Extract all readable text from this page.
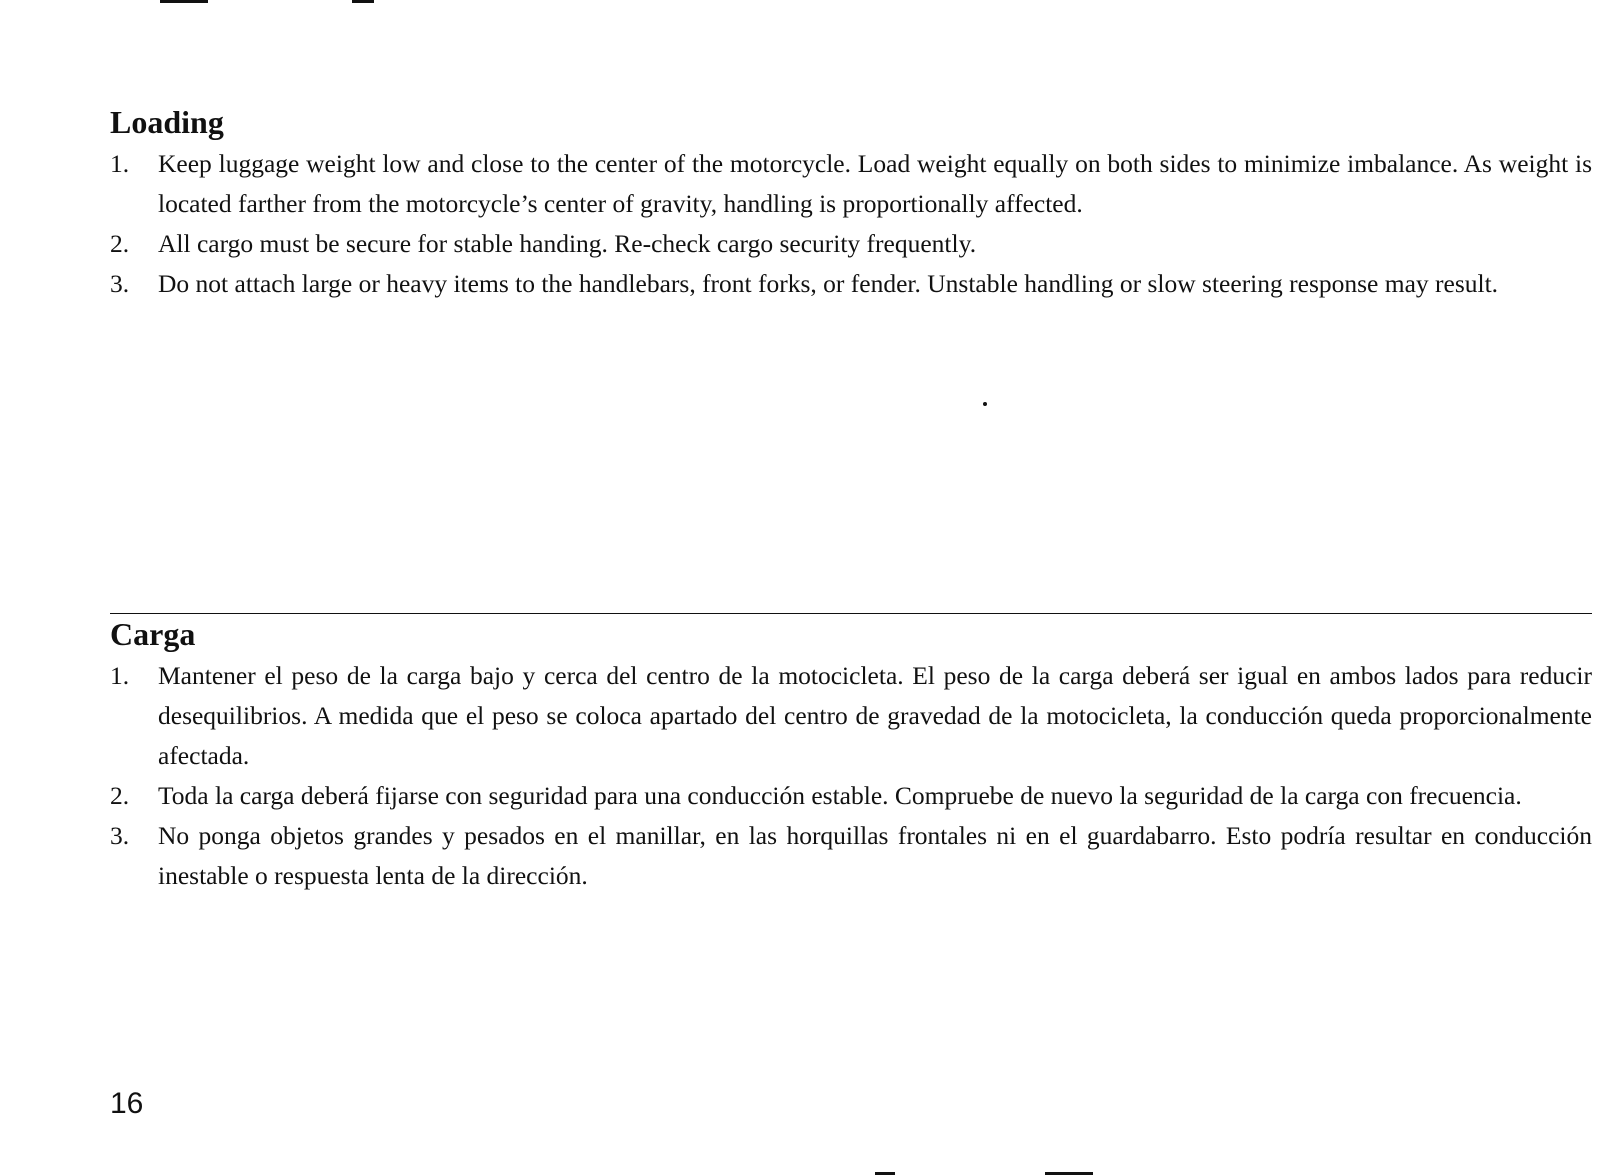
Loading
1. Keep luggage weight low and close to the center of the motorcycle. Load weight equally on both sides to minimize imbalance. As weight is located farther from the motorcycle’s center of gravity, handling is proportionally affected.
2. All cargo must be secure for stable handing. Re-check cargo security frequently.
3. Do not attach large or heavy items to the handlebars, front forks, or fender. Unstable handling or slow steering response may result.
Carga
1. Mantener el peso de la carga bajo y cerca del centro de la motocicleta. El peso de la carga deberá ser igual en ambos lados para reducir desequilibrios. A medida que el peso se coloca apartado del centro de gravedad de la motocicleta, la conducción queda proporcionalmente afectada.
2. Toda la carga deberá fijarse con seguridad para una conducción estable. Compruebe de nuevo la seguridad de la carga con frecuencia.
3. No ponga objetos grandes y pesados en el manillar, en las horquillas frontales ni en el guardabarro. Esto podría resultar en conducción inestable o respuesta lenta de la dirección.
16
